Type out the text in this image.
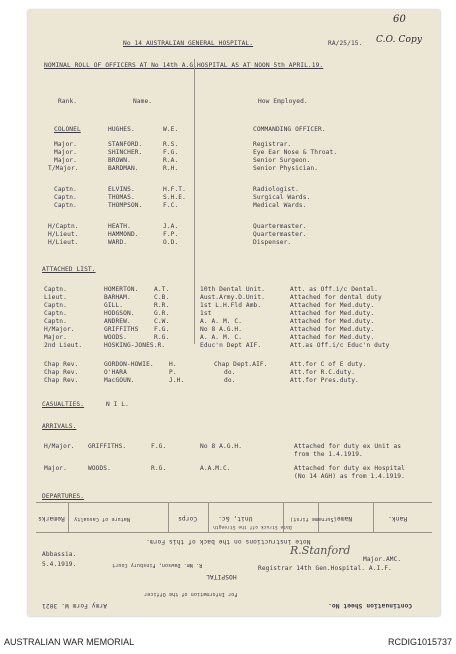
60
No 14 AUSTRALIAN GENERAL HOSPITAL.	RA/25/15. C.O. Copy
NOMINAL ROLL OF OFFICERS AT No 14th A.G.HOSPITAL AS AT NOON 5th APRIL.19.
Rank.	Name.	How Employed.
COLONEL	HUGHES.	W.E.	COMMANDING OFFICER.
Major.	STANFORD.	R.S.	Registrar.
Major.	SHINCHER.	F.G.	Eye Ear Nose & Throat.
Major.	BROWN.	R.A.	Senior Surgeon.
T/Major.	BARDMAN.	R.H.	Senior Physician.
Captn.	ELVINS.	H.F.T.	Radiologist.
Captn.	THOMAS.	S.H.E.	Surgical Wards.
Captn.	THOMPSON.	F.C.	Medical Wards.
H/Captn.	HEATH.	J.A.	Quartermaster.
H/Lieut.	HAMMOND.	F.P.	Quartermaster.
H/Lieut.	WARD.	O.D.	Dispenser.
ATTACHED LIST.
Captn.	HOMERTON.	A.T.	10th Dental Unit.	Att. as Off.i/c Dental.
Lieut.	BARHAM.	C.B.	Aust.Army.D.Unit.	Attached for dental duty
Captn.	GILL.	R.R.	1st L.H.Fld Amb.	Attached for Med.duty.
Captn.	HODGSON.	G.R.	1st	Attached for Med.duty.
Captn.	ANDREW.	C.W.	A. A. M. C.	Attached for Med.duty.
H/Major.	GRIFFITHS	F.G.	No 8 A.G.H.	Attached for Med.duty.
Major.	WOODS.	R.G.	A. A. M. C.	Attached for Med.duty.
2nd Lieut.	HOSKING-JONES.R.	Educ'n Dept AIF.	Att.as Off.i/c Educ'n duty
Chap Rev.	GORDON-HOWIE. H.	Chap Dept.AIF.	Att.for C of E duty.
Chap Rev.	O'HARA	P.	do.	Att.for R.C.duty.
Chap Rev.	MacGOUN.	J.H.	do.	Att.for Pres.duty.
CASUALTIES.	N I L.
ARRIVALS.
H/Major. GRIFFITHS.	F.G.	No 8 A.G.H.	Attached for duty ex Unit as
from the 1.4.1919.
Major.	WOODS.	R.G.	A.A.M.C.	Attached for duty ex Hospital
(No 14 AGH) as from 1.4.1919.
DEPARTURES.
Remarks Nature of Casualty	Corps	Unit, &c.
Date Struck off the Strength
(Surname first)
Name.	Rank.
Note instructions on the back of this Form.
Abbassia.
5.4.1919.	R. Wm. Dawson, Finsbury Court
R.Stanford
Major.AMC.
Registrar 14th Gen.Hospital. A.I.F.
HOSPITAL
For Information of the Officer
Army Form W. 3021	Continuation Sheet No.
AUSTRALIAN WAR MEMORIAL	RCDIG1015737
